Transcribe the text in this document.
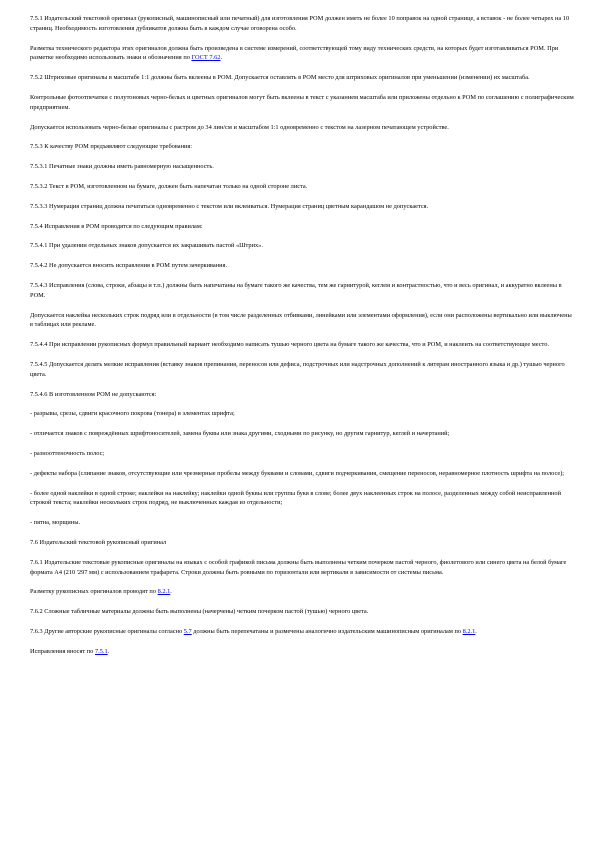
7.5.1 Издательский текстовой оригинал (рукописный, машинописный или печатный) для изготовления РОМ должен иметь не более 10 поправок на одной странице, а вставок - не более четырех на 10 страниц. Необходимость изготовления дубликатов должна быть в каждом случае оговорена особо.

Разметка технического редактора этих оригиналов должна быть произведена в системе измерений, соответствующей тому виду технических средств, на которых будет изготавливаться РОМ. При разметке необходимо использовать знаки и обозначения по ГОСТ 7.62.

7.5.2 Штриховые оригиналы в масштабе 1:1 должны быть вклеены в РОМ. Допускается оставлять в РОМ место для штриховых оригиналов при уменьшении (изменении) их масштаба.

Контрольные фотоотпечатки с полутоновых черно-белых и цветных оригиналов могут быть вклеены в текст с указанием масштаба или приложены отдельно к РОМ по соглашению с полиграфическим предприятием.

Допускается использовать черно-белые оригиналы с растром до 34 лин/см и масштабом 1:1 одновременно с текстом на лазерном печатающем устройстве.

7.5.3 К качеству РОМ предъявляют следующие требования:

7.5.3.1 Печатные знаки должны иметь равномерную насыщенность.

7.5.3.2 Текст в РОМ, изготовленном на бумаге, должен быть напечатан только на одной стороне листа.

7.5.3.3 Нумерация страниц должна печататься одновременно с текстом или вклеиваться. Нумерация страниц цветным карандашом не допускается.

7.5.4 Исправления в РОМ проводятся по следующим правилам:

7.5.4.1 При удалении отдельных знаков допускается их закрашивать пастой «Штрих».

7.5.4.2 Не допускается вносить исправления в РОМ путем зачеркивания.

7.5.4.3 Исправления (слова, строки, абзацы и т.п.) должны быть напечатаны на бумаге такого же качества, тем же гарнитурой, кеглем и контрастностью, что и весь оригинал, и аккуратно вклеены в РОМ.

Допускается наклейка нескольких строк подряд или в отдельности (в том числе разделенных отбивками, линейками или элементами оформления), если они расположены вертикально или выключены в таблицах или рекламе.

7.5.4.4 При исправлении рукописных формул правильный вариант необходимо написать тушью черного цвета на бумаге такого же качества, что и РОМ, и наклеить на соответствующее место.

7.5.4.5 Допускается делать мелкие исправления (вставку знаков препинания, переносов или дефиса, подстрочных или надстрочных дополнений к литерам иностранного языка и др.) тушью черного цвета.

7.5.4.6 В изготовленном РОМ не допускаются:

- разрывы, срезы, сдвиги красочного покрова (тонера) в элементах шрифта;

- отличается знаков с повреждённых шрифтоносителей, замена буквы или знака другими, сходными по рисунку, но другим гарнитур, кеглей и начертаний;

- разнооттеночность полос;

- дефекты набора (слипание знаков, отсутствующие или чрезмерные пробелы между буквами и словами, сдвиги подчеркивания, смещение переносов, неравномерное плотность шрифта на полосе);

- более одной наклейки в одной строке; наклейки на наклейку; наклейки одной буквы или группы букв в слове; более двух наклеенных строк на полосе, разделенных между собой неисправленной строкой текста; наклейки нескольких строк подряд, не выключенных каждая из отдельности;

- пятна, морщины.

7.6 Издательский текстовой рукописный оригинал

7.6.1 Издательские текстовые рукописные оригиналы на языках с особой графикой письма должны быть выполнены четким почерком пастой черного, фиолетового или синего цвета на белой бумаге формата А4 (210 '297 мм) с использованием трафарета. Строки должны быть ровными по горизонтали или вертикали в зависимости от системы письма.

Разметку рукописных оригиналов проводят по 8.2.1.

7.6.2 Сложные табличные материалы должны быть выполнены (начерчены) четким почерком пастой (тушью) черного цвета.

7.6.3 Другие авторские рукописные оригиналы согласно 5.7 должны быть перепечатаны и размечены аналогично издательским машинописным оригиналам по 8.2.1.

Исправления вносят по 7.5.1.
